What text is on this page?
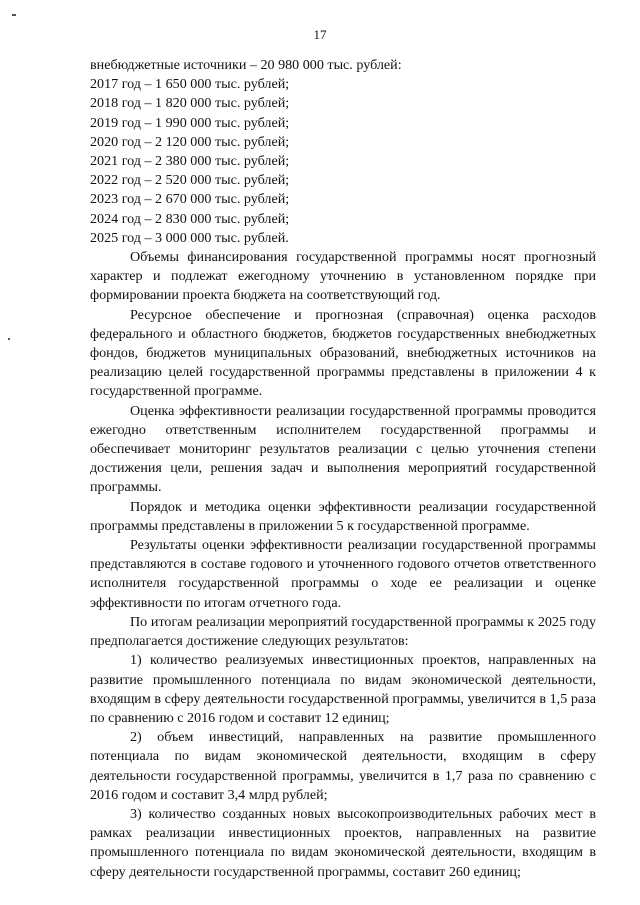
17
внебюджетные источники – 20 980 000 тыс. рублей:
2017 год – 1 650 000 тыс. рублей;
2018 год – 1 820 000 тыс. рублей;
2019 год – 1 990 000 тыс. рублей;
2020 год – 2 120 000 тыс. рублей;
2021 год – 2 380 000 тыс. рублей;
2022 год – 2 520 000 тыс. рублей;
2023 год – 2 670 000 тыс. рублей;
2024 год – 2 830 000 тыс. рублей;
2025 год – 3 000 000 тыс. рублей.

Объемы финансирования государственной программы носят прогнозный характер и подлежат ежегодному уточнению в установленном порядке при формировании проекта бюджета на соответствующий год.

Ресурсное обеспечение и прогнозная (справочная) оценка расходов федерального и областного бюджетов, бюджетов государственных внебюджетных фондов, бюджетов муниципальных образований, внебюджетных источников на реализацию целей государственной программы представлены в приложении 4 к государственной программе.

Оценка эффективности реализации государственной программы проводится ежегодно ответственным исполнителем государственной программы и обеспечивает мониторинг результатов реализации с целью уточнения степени достижения цели, решения задач и выполнения мероприятий государственной программы.

Порядок и методика оценки эффективности реализации государственной программы представлены в приложении 5 к государственной программе.

Результаты оценки эффективности реализации государственной программы представляются в составе годового и уточненного годового отчетов ответственного исполнителя государственной программы о ходе ее реализации и оценке эффективности по итогам отчетного года.

По итогам реализации мероприятий государственной программы к 2025 году предполагается достижение следующих результатов:

1) количество реализуемых инвестиционных проектов, направленных на развитие промышленного потенциала по видам экономической деятельности, входящим в сферу деятельности государственной программы, увеличится в 1,5 раза по сравнению с 2016 годом и составит 12 единиц;

2) объем инвестиций, направленных на развитие промышленного потенциала по видам экономической деятельности, входящим в сферу деятельности государственной программы, увеличится в 1,7 раза по сравнению с 2016 годом и составит 3,4 млрд рублей;

3) количество созданных новых высокопроизводительных рабочих мест в рамках реализации инвестиционных проектов, направленных на развитие промышленного потенциала по видам экономической деятельности, входящим в сферу деятельности государственной программы, составит 260 единиц;
